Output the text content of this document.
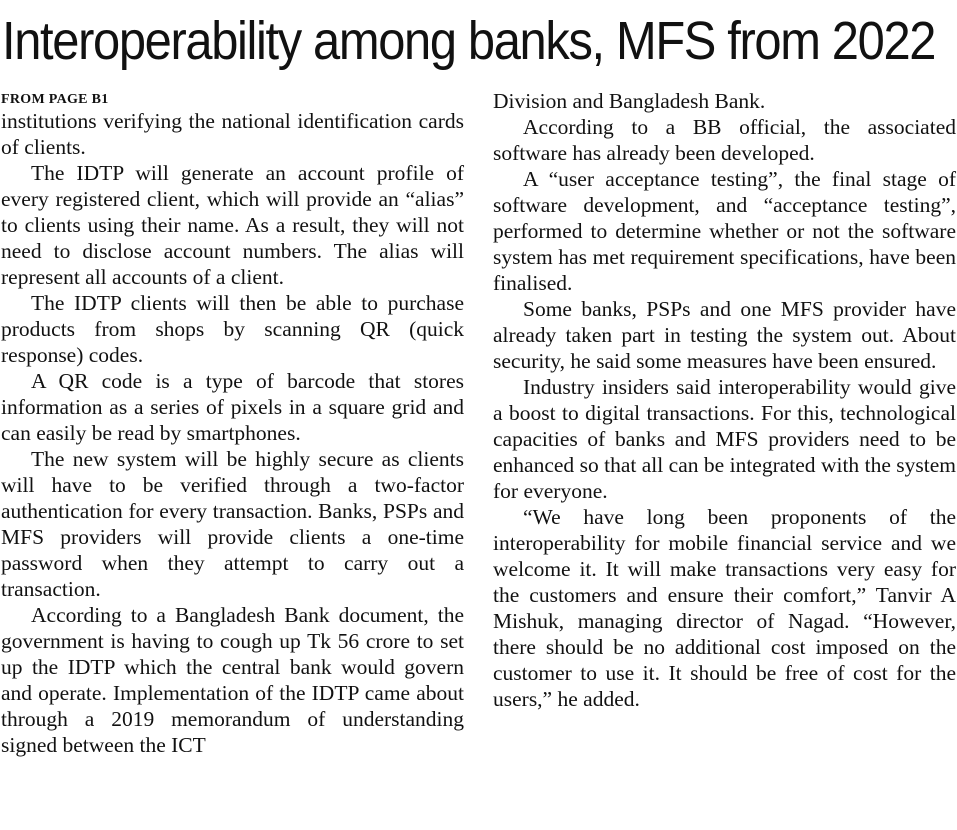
Interoperability among banks, MFS from 2022
FROM PAGE B1

institutions verifying the national identification cards of clients.

The IDTP will generate an account profile of every registered client, which will provide an “alias” to clients using their name. As a result, they will not need to disclose account numbers. The alias will represent all accounts of a client.

The IDTP clients will then be able to purchase products from shops by scanning QR (quick response) codes.

A QR code is a type of barcode that stores information as a series of pixels in a square grid and can easily be read by smartphones.

The new system will be highly secure as clients will have to be verified through a two-factor authentication for every transaction. Banks, PSPs and MFS providers will provide clients a one-time password when they attempt to carry out a transaction.

According to a Bangladesh Bank document, the government is having to cough up Tk 56 crore to set up the IDTP which the central bank would govern and operate. Implementation of the IDTP came about through a 2019 memorandum of understanding signed between the ICT

Division and Bangladesh Bank.

According to a BB official, the associated software has already been developed.

A “user acceptance testing”, the final stage of software development, and “acceptance testing”, performed to determine whether or not the software system has met requirement specifications, have been finalised.

Some banks, PSPs and one MFS provider have already taken part in testing the system out. About security, he said some measures have been ensured.

Industry insiders said interoperability would give a boost to digital transactions. For this, technological capacities of banks and MFS providers need to be enhanced so that all can be integrated with the system for everyone.

“We have long been proponents of the interoperability for mobile financial service and we welcome it. It will make transactions very easy for the customers and ensure their comfort,” Tanvir A Mishuk, managing director of Nagad. “However, there should be no additional cost imposed on the customer to use it. It should be free of cost for the users,” he added.
